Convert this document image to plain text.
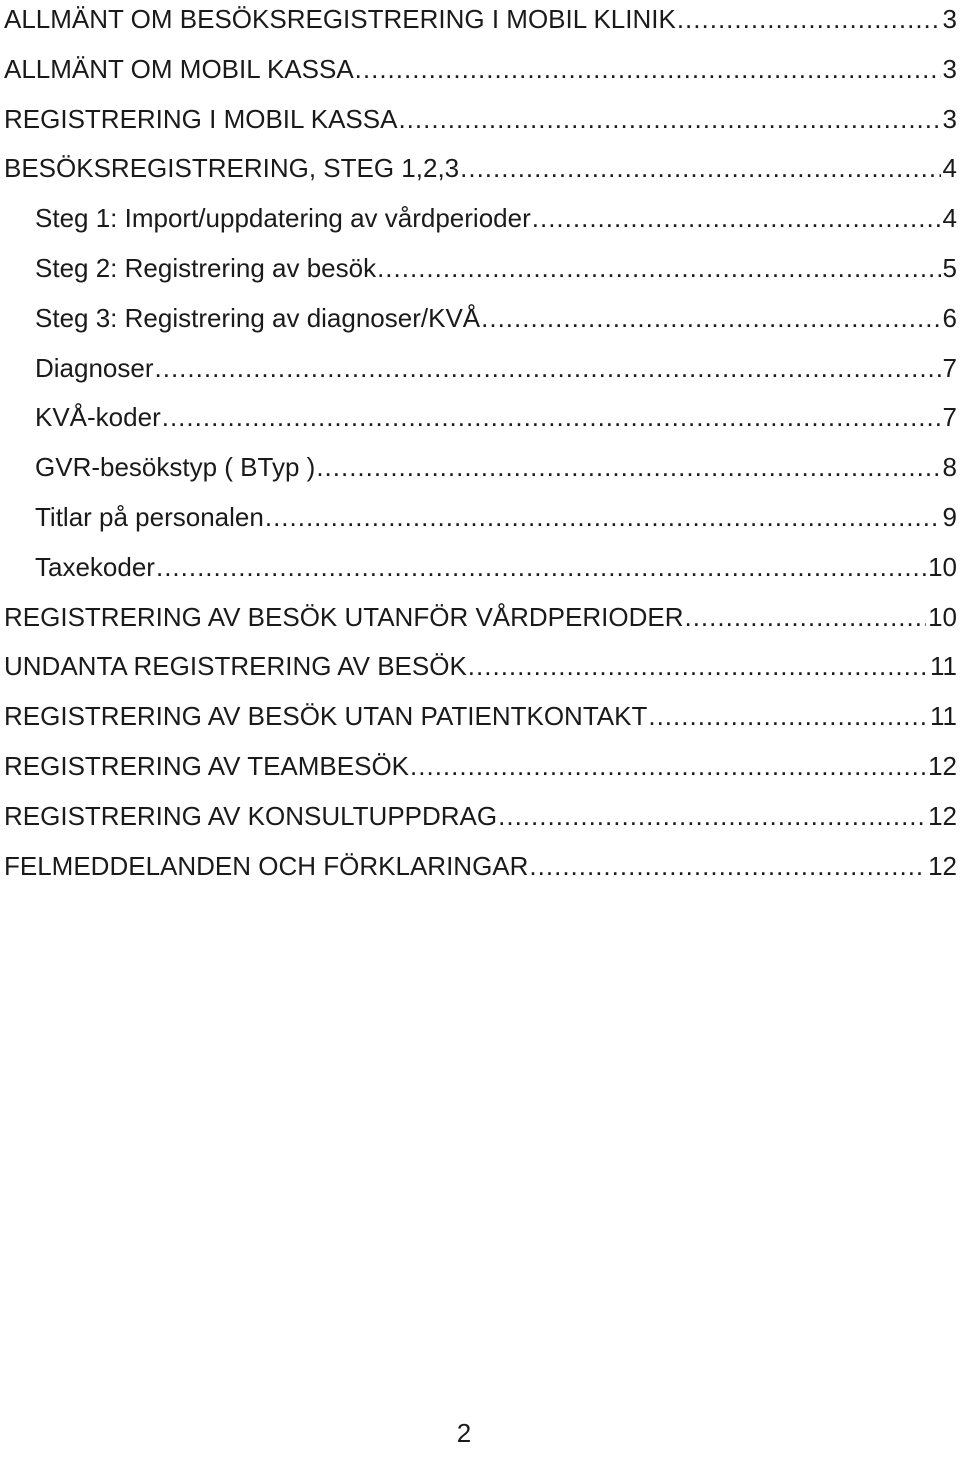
ALLMÄNT OM BESÖKSREGISTRERING I MOBIL KLINIK .....	3
ALLMÄNT OM MOBIL KASSA .....	3
REGISTRERING I MOBIL KASSA .....	3
BESÖKSREGISTRERING, STEG 1,2,3 .....	4
Steg 1: Import/uppdatering av vårdperioder .....	4
Steg 2: Registrering av besök .....	5
Steg 3: Registrering av diagnoser/KVÅ .....	6
Diagnoser .....	7
KVÅ-koder .....	7
GVR-besökstyp ( BTyp ) .....	8
Titlar på personalen .....	9
Taxekoder .....	10
REGISTRERING AV BESÖK UTANFÖR VÅRDPERIODER .....	10
UNDANTA REGISTRERING AV BESÖK .....	11
REGISTRERING AV BESÖK UTAN PATIENTKONTAKT .....	11
REGISTRERING AV TEAMBESÖK .....	12
REGISTRERING AV KONSULTUPPDRAG .....	12
FELMEDDELANDEN OCH FÖRKLARINGAR .....	12
2
